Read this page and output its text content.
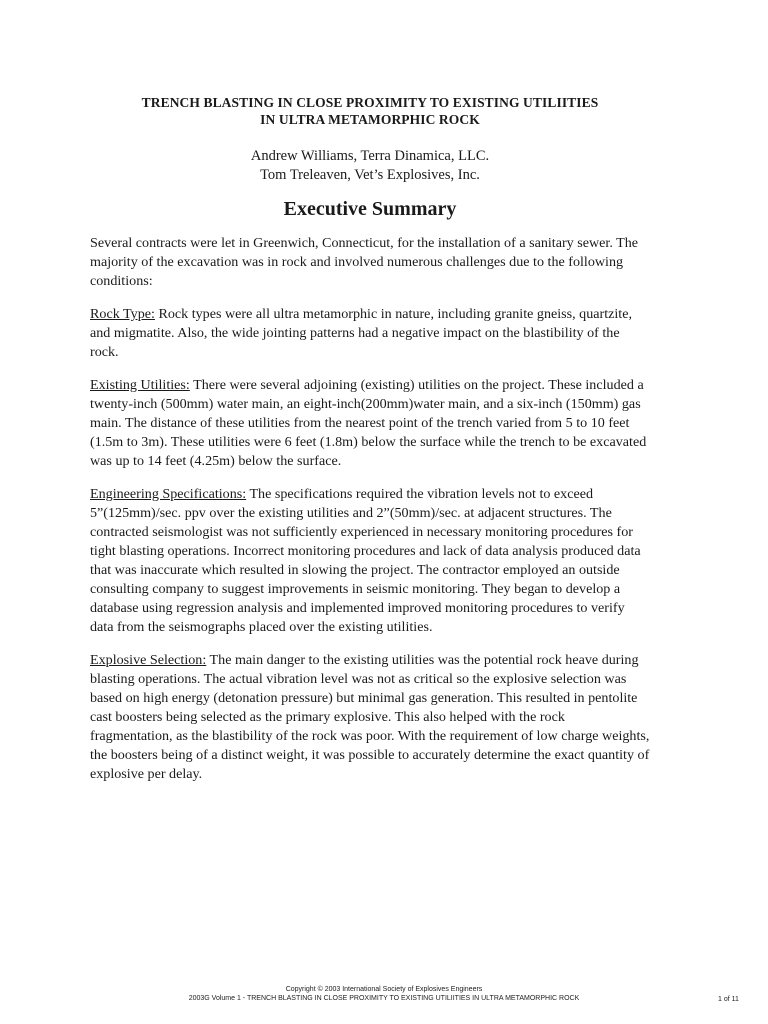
TRENCH BLASTING IN CLOSE PROXIMITY TO EXISTING UTILIITIES
IN ULTRA METAMORPHIC ROCK
Andrew Williams, Terra Dinamica, LLC.
Tom Treleaven, Vet’s Explosives, Inc.
Executive Summary

Several contracts were let in Greenwich, Connecticut, for the installation of a sanitary sewer. The majority of the excavation was in rock and involved numerous challenges due to the following conditions:

Rock Type: Rock types were all ultra metamorphic in nature, including granite gneiss, quartzite, and migmatite. Also, the wide jointing patterns had a negative impact on the blastibility of the rock.

Existing Utilities: There were several adjoining (existing) utilities on the project. These included a twenty-inch (500mm) water main, an eight-inch(200mm)water main, and a six-inch (150mm) gas main. The distance of these utilities from the nearest point of the trench varied from 5 to 10 feet (1.5m to 3m). These utilities were 6 feet (1.8m) below the surface while the trench to be excavated was up to 14 feet (4.25m) below the surface.

Engineering Specifications: The specifications required the vibration levels not to exceed 5”(125mm)/sec. ppv over the existing utilities and 2”(50mm)/sec. at adjacent structures. The contracted seismologist was not sufficiently experienced in necessary monitoring procedures for tight blasting operations. Incorrect monitoring procedures and lack of data analysis produced data that was inaccurate which resulted in slowing the project. The contractor employed an outside consulting company to suggest improvements in seismic monitoring. They began to develop a database using regression analysis and implemented improved monitoring procedures to verify data from the seismographs placed over the existing utilities.

Explosive Selection: The main danger to the existing utilities was the potential rock heave during blasting operations. The actual vibration level was not as critical so the explosive selection was based on high energy (detonation pressure) but minimal gas generation. This resulted in pentolite cast boosters being selected as the primary explosive. This also helped with the rock fragmentation, as the blastibility of the rock was poor. With the requirement of low charge weights, the boosters being of a distinct weight, it was possible to accurately determine the exact quantity of explosive per delay.

Copyright © 2003 International Society of Explosives Engineers
2003G Volume 1 - TRENCH BLASTING IN CLOSE PROXIMITY TO EXISTING UTILIITIES IN ULTRA METAMORPHIC ROCK	1 of 11
